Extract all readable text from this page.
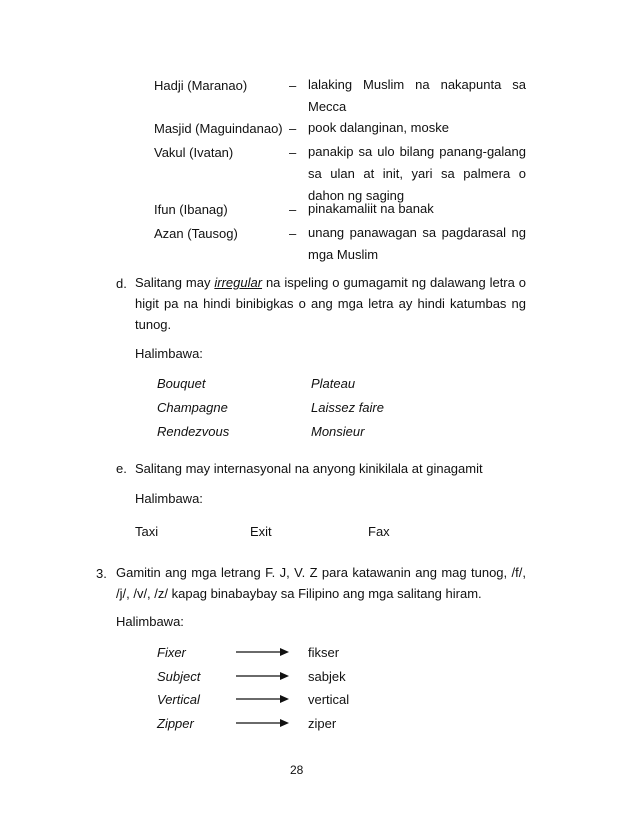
Hadji (Maranao)	– lalaking Muslim na nakapunta sa Mecca
Masjid (Maguindanao) – pook dalanginan, moske
Vakul (Ivatan)	– panakip sa ulo bilang panang-galang sa ulan at init, yari sa palmera o dahon ng saging
Ifun (Ibanag)	– pinakamaliit na banak
Azan (Tausog)	– unang panawagan sa pagdarasal ng mga Muslim
d. Salitang may irregular na ispeling o gumagamit ng dalawang letra o higit pa na hindi binibigkas o ang mga letra ay hindi katumbas ng tunog.
Halimbawa:
Bouquet	Plateau
Champagne	Laissez faire
Rendezvous	Monsieur
e. Salitang may internasyonal na anyong kinikilala at ginagamit
Halimbawa:
Taxi	Exit	Fax
3. Gamitin ang mga letrang F. J, V. Z para katawanin ang mag tunog, /f/, /j/, /v/, /z/ kapag binabaybay sa Filipino ang mga salitang hiram.
Halimbawa:
Fixer	fikser
Subject	sabjek
Vertical	vertical
Zipper	ziper
28
